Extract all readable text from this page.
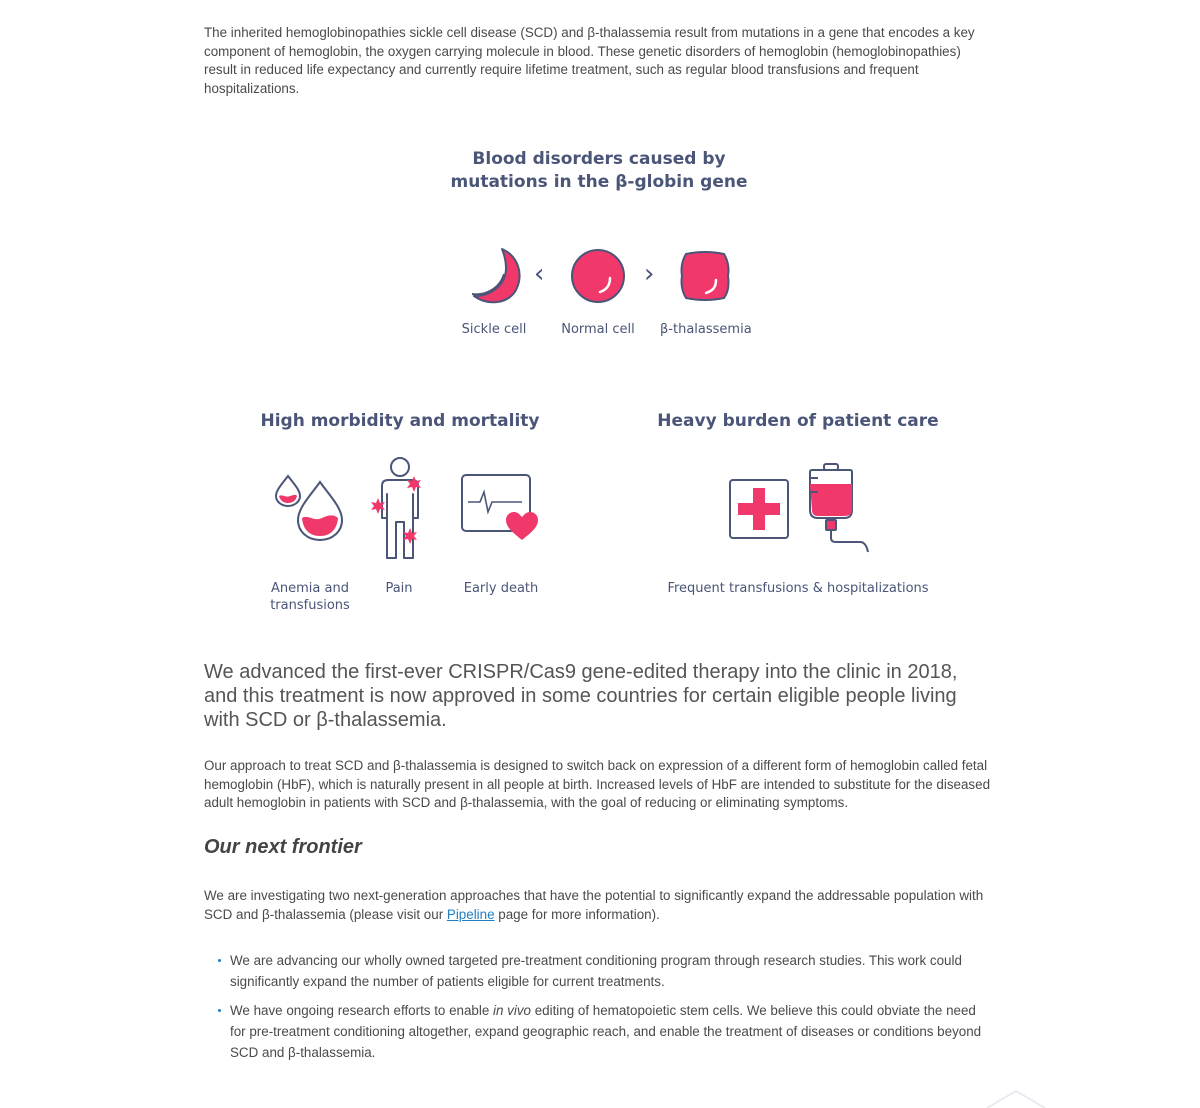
The inherited hemoglobinopathies sickle cell disease (SCD) and β-thalassemia result from mutations in a gene that encodes a key component of hemoglobin, the oxygen carrying molecule in blood. These genetic disorders of hemoglobin (hemoglobinopathies) result in reduced life expectancy and currently require lifetime treatment, such as regular blood transfusions and frequent hospitalizations.

Blood disorders caused by
mutations in the β-globin gene

‹	›
Sickle cell	Normal cell β-thalassemia
High morbidity and mortality
Anemia and
transfusions
Pain	Early death
Heavy burden of patient care
Frequent transfusions & hospitalizations

We advanced the first-ever CRISPR/Cas9 gene-edited therapy into the clinic in 2018, and this treatment is now approved in some countries for certain eligible people living with SCD or β-thalassemia.

Our approach to treat SCD and β-thalassemia is designed to switch back on expression of a different form of hemoglobin called fetal hemoglobin (HbF), which is naturally present in all people at birth. Increased levels of HbF are intended to substitute for the diseased adult hemoglobin in patients with SCD and β-thalassemia, with the goal of reducing or eliminating symptoms.

Our next frontier

We are investigating two next-generation approaches that have the potential to significantly expand the addressable population with SCD and β-thalassemia (please visit our Pipeline page for more information).

We are advancing our wholly owned targeted pre-treatment conditioning program through research studies. This work could significantly expand the number of patients eligible for current treatments.
We have ongoing research efforts to enable in vivo editing of hematopoietic stem cells. We believe this could obviate the need for pre-treatment conditioning altogether, expand geographic reach, and enable the treatment of diseases or conditions beyond SCD and β-thalassemia.
